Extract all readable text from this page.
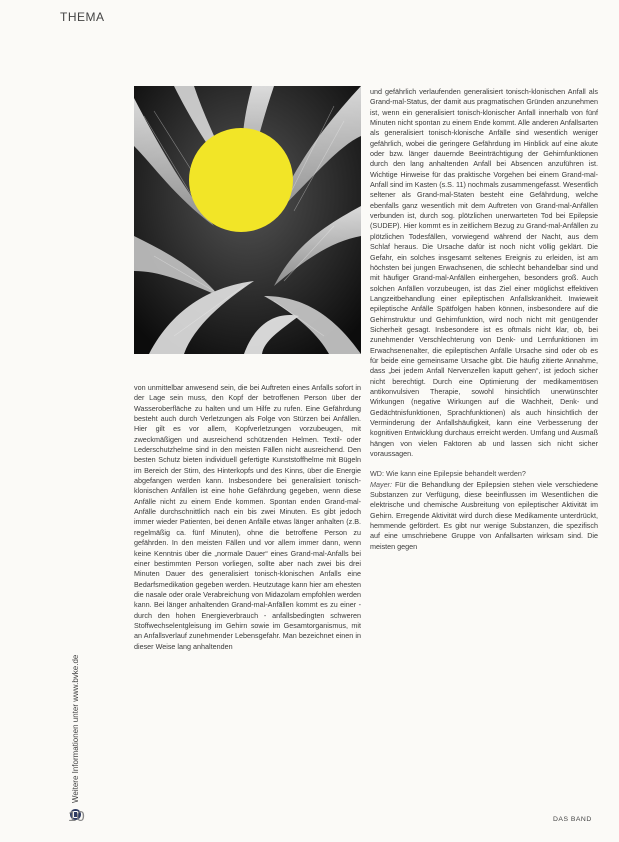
THEMA

von unmittelbar anwesend sein, die bei Auftreten eines Anfalls sofort in der Lage sein muss, den Kopf der betroffenen Person über der Wasseroberfläche zu halten und um Hilfe zu rufen. Eine Gefährdung besteht auch durch Verletzungen als Folge von Stürzen bei Anfällen. Hier gilt es vor allem, Kopfverletzungen vorzubeugen, mit zweckmäßigen und ausreichend schützenden Helmen. Textil- oder Lederschutzhelme sind in den meisten Fällen nicht ausreichend. Den besten Schutz bieten individuell gefertigte Kunststoffhelme mit Bügeln im Bereich der Stirn, des Hinterkopfs und des Kinns, über die Energie abgefangen werden kann. Insbesondere bei generalisiert tonisch-klonischen Anfällen ist eine hohe Gefährdung gegeben, wenn diese Anfälle nicht zu einem Ende kommen. Spontan enden Grand-mal-Anfälle durchschnittlich nach ein bis zwei Minuten. Es gibt jedoch immer wieder Patienten, bei denen Anfälle etwas länger anhalten (z.B. regelmäßig ca. fünf Minuten), ohne die betroffene Person zu gefährden. In den meisten Fällen und vor allem immer dann, wenn keine Kenntnis über die „normale Dauer“ eines Grand-mal-Anfalls bei einer bestimmten Person vorliegen, sollte aber nach zwei bis drei Minuten Dauer des generalisiert tonisch-klonischen Anfalls eine Bedarfsmedikation gegeben werden. Heutzutage kann hier am ehesten die nasale oder orale Verabreichung von Midazolam empfohlen werden kann. Bei länger anhaltenden Grand-mal-Anfällen kommt es zu einer - durch den hohen Energieverbrauch - anfallsbedingten schweren Stoffwechselentgleisung im Gehirn sowie im Gesamtorganismus, mit an Anfallsverlauf zunehmender Lebensgefahr. Man bezeichnet einen in dieser Weise lang anhaltenden

und gefährlich verlaufenden generalisiert tonisch-klonischen Anfall als Grand-mal-Status, der damit aus pragmatischen Gründen anzunehmen ist, wenn ein generalisiert tonisch-klonischer Anfall innerhalb von fünf Minuten nicht spontan zu einem Ende kommt. Alle anderen Anfallsarten als generalisiert tonisch-klonische Anfälle sind wesentlich weniger gefährlich, wobei die geringere Gefährdung im Hinblick auf eine akute oder bzw. länger dauernde Beeinträchtigung der Gehirnfunktionen durch den lang anhaltenden Anfall bei Absencen anzuführen ist. Wichtige Hinweise für das praktische Vorgehen bei einem Grand-mal-Anfall sind im Kasten (s.S. 11) nochmals zusammengefasst. Wesentlich seltener als Grand-mal-Staten besteht eine Gefährdung, welche ebenfalls ganz wesentlich mit dem Auftreten von Grand-mal-Anfällen verbunden ist, durch sog. plötzlichen unerwarteten Tod bei Epilepsie (SUDEP). Hier kommt es in zeitlichem Bezug zu Grand-mal-Anfällen zu plötzlichen Todesfällen, vorwiegend während der Nacht, aus dem Schlaf heraus. Die Ursache dafür ist noch nicht völlig geklärt. Die Gefahr, ein solches insgesamt seltenes Ereignis zu erleiden, ist am höchsten bei jungen Erwachsenen, die schlecht behandelbar sind und mit häufiger Grand-mal-Anfällen einhergehen, besonders groß. Auch solchen Anfällen vorzubeugen, ist das Ziel einer möglichst effektiven Langzeitbehandlung einer epileptischen Anfallskrankheit. Inwieweit epileptische Anfälle Spätfolgen haben können, insbesondere auf die Gehirnstruktur und Gehirnfunktion, wird noch nicht mit genügender Sicherheit gesagt. Insbesondere ist es oftmals nicht klar, ob, bei zunehmender Verschlechterung von Denk- und Lernfunktionen im Erwachsenenalter, die epileptischen Anfälle Ursache sind oder ob es für beide eine gemeinsame Ursache gibt. Die häufig zitierte Annahme, dass „bei jedem Anfall Nervenzellen kaputt gehen“, ist jedoch sicher nicht berechtigt. Durch eine Optimierung der medikamentösen antikonvulsiven Therapie, sowohl hinsichtlich unerwünschter Wirkungen (negative Wirkungen auf die Wachheit, Denk- und Gedächtnisfunktionen, Sprachfunktionen) als auch hinsichtlich der Verminderung der Anfallshäufigkeit, kann eine Verbesserung der kognitiven Entwicklung durchaus erreicht werden. Umfang und Ausmaß hängen von vielen Faktoren ab und lassen sich nicht sicher voraussagen.

WD: Wie kann eine Epilepsie behandelt werden?

Mayer: Für die Behandlung der Epilepsien stehen viele verschiedene Substanzen zur Verfügung, diese beeinflussen im Wesentlichen die elektrische und chemische Ausbreitung von epileptischer Aktivität im Gehirn. Erregende Aktivität wird durch diese Medikamente unterdrückt, hemmende gefördert. Es gibt nur wenige Substanzen, die spezifisch auf eine umschriebene Gruppe von Anfallsarten wirksam sind. Die meisten gegen

Weitere Informationen unter www.bvke.de
10	DAS BAND
